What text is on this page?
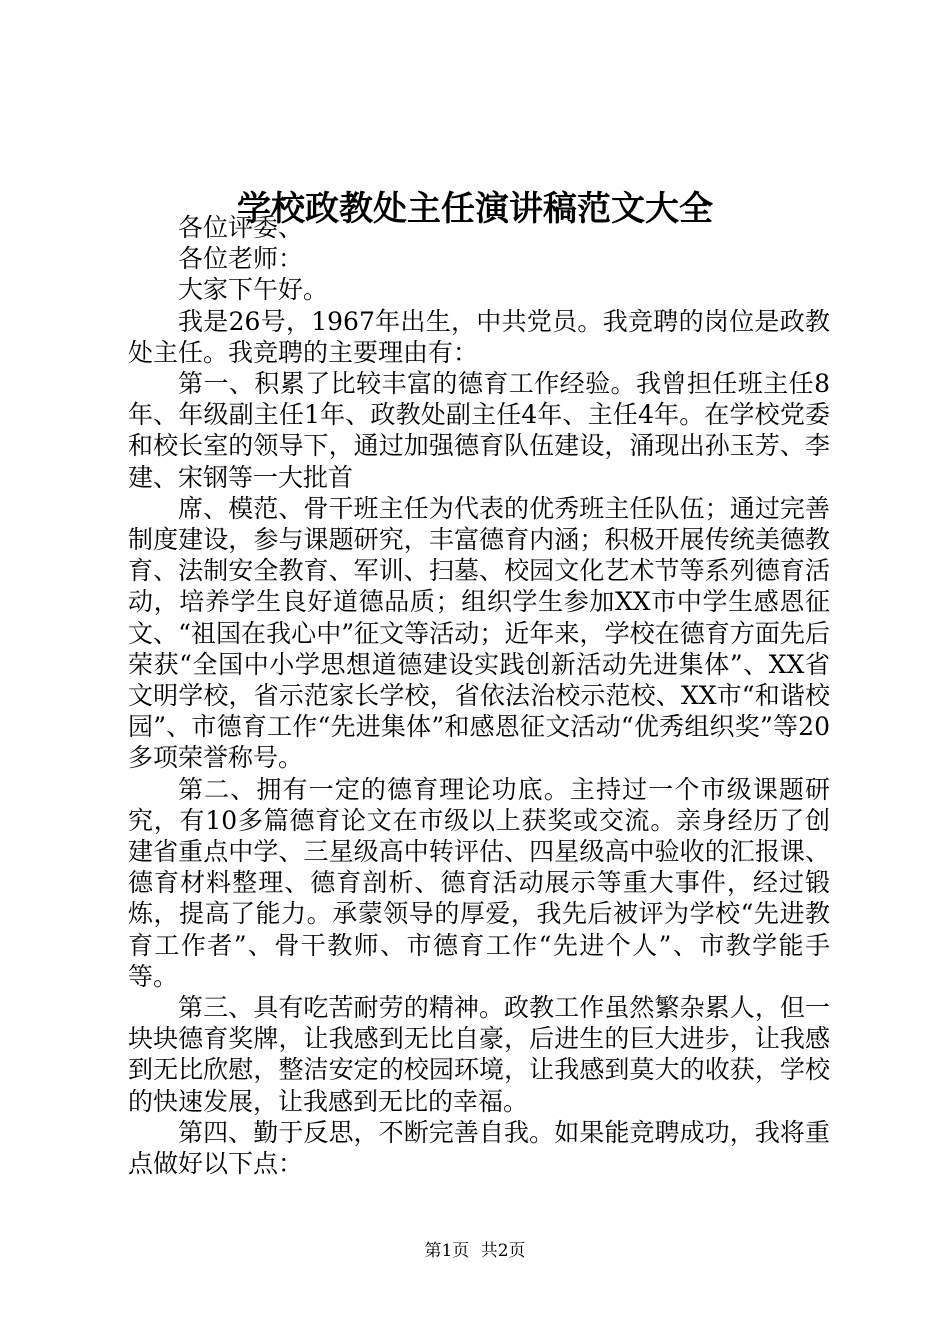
学校政教处主任演讲稿范文大全

各位评委、

各位老师：

大家下午好。

我是26号，1967年出生，中共党员。我竞聘的岗位是政教处主任。我竞聘的主要理由有：

第一、积累了比较丰富的德育工作经验。我曾担任班主任8年、年级副主任1年、政教处副主任4年、主任4年。在学校党委和校长室的领导下，通过加强德育队伍建设，涌现出孙玉芳、李建、宋钢等一大批首

席、模范、骨干班主任为代表的优秀班主任队伍；通过完善制度建设，参与课题研究，丰富德育内涵；积极开展传统美德教育、法制安全教育、军训、扫墓、校园文化艺术节等系列德育活动，培养学生良好道德品质；组织学生参加XX市中学生感恩征文、“祖国在我心中”征文等活动；近年来，学校在德育方面先后荣获“全国中小学思想道德建设实践创新活动先进集体”、XX省文明学校，省示范家长学校，省依法治校示范校、XX市“和谐校园”、市德育工作“先进集体”和感恩征文活动“优秀组织奖”等20多项荣誉称号。

第二、拥有一定的德育理论功底。主持过一个市级课题研究，有10多篇德育论文在市级以上获奖或交流。亲身经历了创建省重点中学、三星级高中转评估、四星级高中验收的汇报课、德育材料整理、德育剖析、德育活动展示等重大事件，经过锻炼，提高了能力。承蒙领导的厚爱，我先后被评为学校“先进教育工作者”、骨干教师、市德育工作“先进个人”、市教学能手等。

第三、具有吃苦耐劳的精神。政教工作虽然繁杂累人，但一块块德育奖牌，让我感到无比自豪，后进生的巨大进步，让我感到无比欣慰，整洁安定的校园环境，让我感到莫大的收获，学校的快速发展，让我感到无比的幸福。

第四、勤于反思，不断完善自我。如果能竞聘成功，我将重点做好以下点：

第1页 共2页
